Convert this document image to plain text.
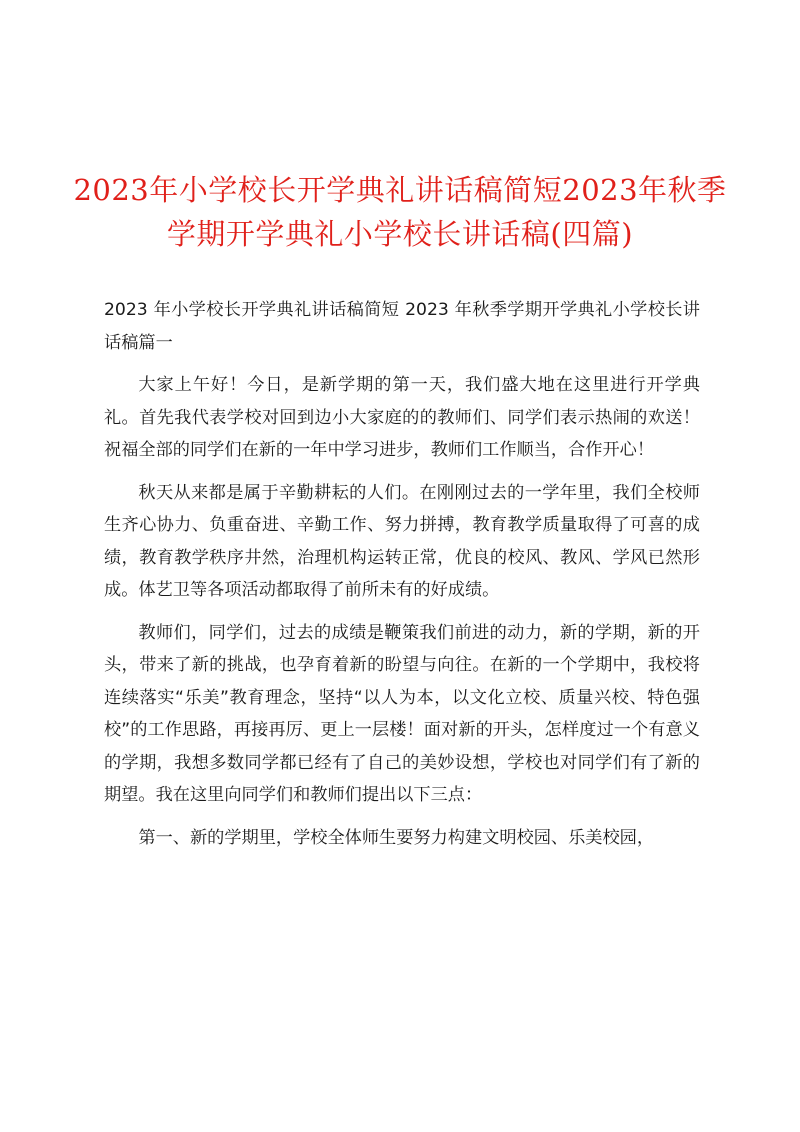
2023年小学校长开学典礼讲话稿简短2023年秋季学期开学典礼小学校长讲话稿(四篇)

2023 年小学校长开学典礼讲话稿简短 2023 年秋季学期开学典礼小学校长讲话稿篇一

大家上午好！今日，是新学期的第一天，我们盛大地在这里进行开学典礼。首先我代表学校对回到边小大家庭的的教师们、同学们表示热闹的欢送！祝福全部的同学们在新的一年中学习进步，教师们工作顺当，合作开心！

秋天从来都是属于辛勤耕耘的人们。在刚刚过去的一学年里，我们全校师生齐心协力、负重奋进、辛勤工作、努力拼搏，教育教学质量取得了可喜的成绩，教育教学秩序井然，治理机构运转正常，优良的校风、教风、学风已然形成。体艺卫等各项活动都取得了前所未有的好成绩。

教师们，同学们，过去的成绩是鞭策我们前进的动力，新的学期，新的开头，带来了新的挑战，也孕育着新的盼望与向往。在新的一个学期中，我校将连续落实“乐美”教育理念，坚持“以人为本，以文化立校、质量兴校、特色强校”的工作思路，再接再厉、更上一层楼！面对新的开头，怎样度过一个有意义的学期，我想多数同学都已经有了自己的美妙设想，学校也对同学们有了新的期望。我在这里向同学们和教师们提出以下三点：

第一、新的学期里，学校全体师生要努力构建文明校园、乐美校园，
